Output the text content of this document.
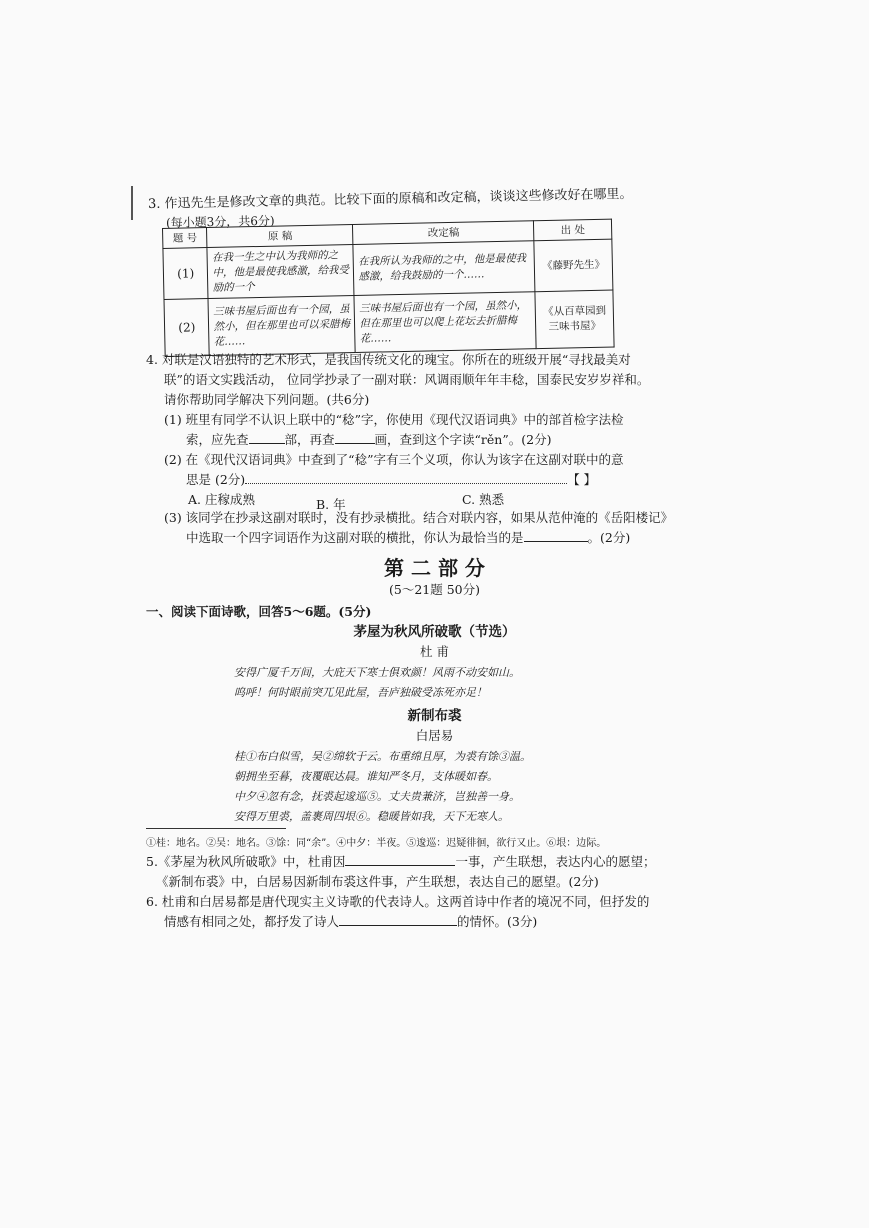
3. 作迅先生是修改文章的典范。比较下面的原稿和改定稿，谈谈这些修改好在哪里。
(每小题3分，共6分)
题 号	原 稿	改定稿	出 处
(1)	在我一生之中认为我师的之中，他是最使我感激，给我受励的一个	在我所认为我师的之中，他是最使我感激，给我鼓励的一个……	《藤野先生》
(2)	三味书屋后面也有一个园，虽然小，但在那里也可以采腊梅花……	三味书屋后面也有一个园，虽然小，但在那里也可以爬上花坛去折腊梅花……	《从百草园到三味书屋》
4. 对联是汉语独特的艺术形式，是我国传统文化的瑰宝。你所在的班级开展“寻找最美对
联”的语文实践活动， 位同学抄录了一副对联：风调雨顺年年丰稔，国泰民安岁岁祥和。
请你帮助同学解决下列问题。(共6分)
(1) 班里有同学不认识上联中的“稔”字，你使用《现代汉语词典》中的部首检字法检
索，应先查	部，再查	画，查到这个字读“rěn”。(2分)
(2) 在《现代汉语词典》中查到了“稔”字有三个义项，你认为该字在这副对联中的意
思是 (2分)	【 】
A. 庄稼成熟	B. 年	C. 熟悉
(3) 该同学在抄录这副对联时，没有抄录横批。结合对联内容，如果从范仲淹的《岳阳楼记》
中选取一个四字词语作为这副对联的横批，你认为最恰当的是	。(2分)
第 二 部 分
(5～21题 50分)
一、阅读下面诗歌，回答5～6题。(5分)
茅屋为秋风所破歌（节选）
杜 甫
安得广厦千万间，大庇天下寒士俱欢颜！风雨不动安如山。
呜呼！何时眼前突兀见此屋，吾庐独破受冻死亦足！
新制布裘
白居易
桂①布白似雪，吴②绵软于云。布重绵且厚，为裘有馀③温。
朝拥坐至暮，夜覆眠达晨。谁知严冬月，支体暖如春。
中夕④忽有念，抚裘起逡巡⑤。丈夫贵兼济，岂独善一身。
安得万里裘，盖裹周四垠⑥。稳暖皆如我，天下无寒人。
①桂：地名。②吴：地名。③馀：同“余”。④中夕：半夜。⑤逡巡：迟疑徘徊，欲行又止。⑥垠：边际。
5.《茅屋为秋风所破歌》中，杜甫因	一事，产生联想，表达内心的愿望；
《新制布裘》中，白居易因新制布裘这件事，产生联想，表达自己的愿望。(2分)
6. 杜甫和白居易都是唐代现实主义诗歌的代表诗人。这两首诗中作者的境况不同，但抒发的
情感有相同之处，都抒发了诗人	的情怀。(3分)
